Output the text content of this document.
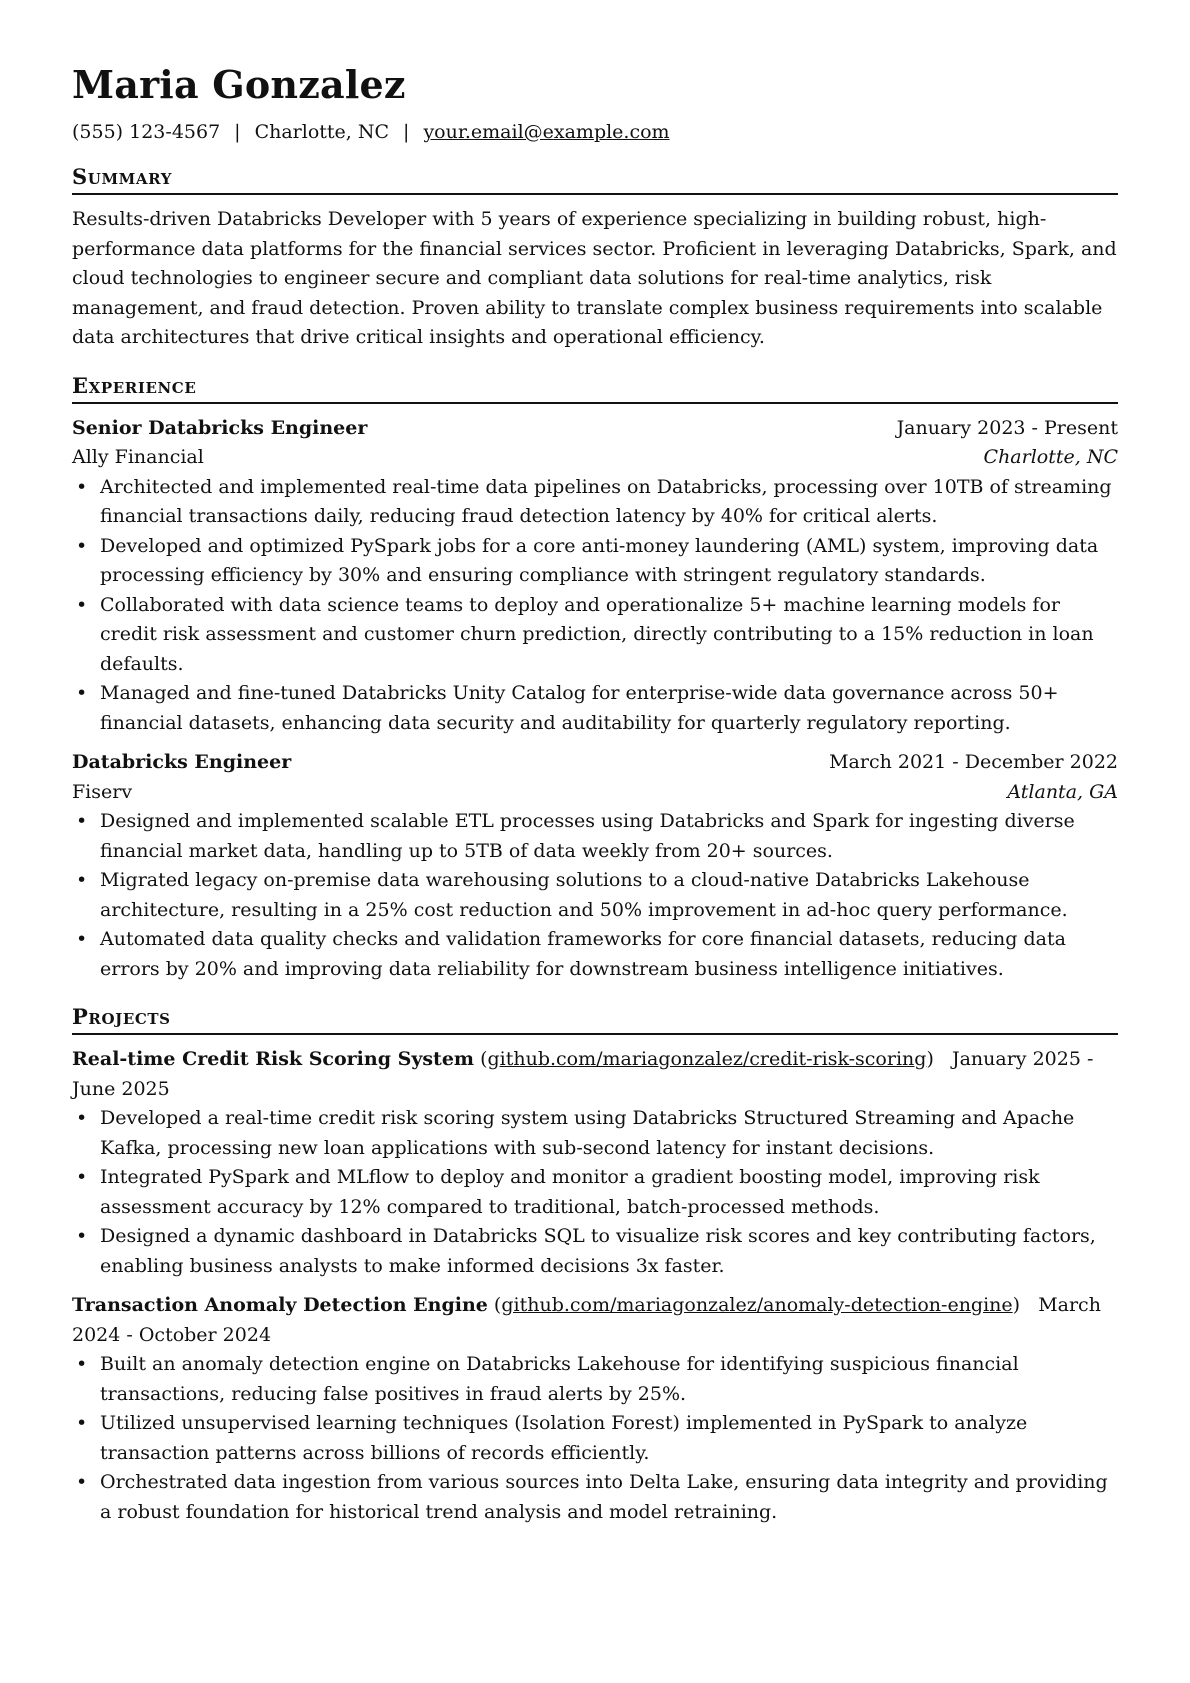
Maria Gonzalez
(555) 123-4567 | Charlotte, NC | your.email@example.com
Summary
Results-driven Databricks Developer with 5 years of experience specializing in building robust, high-performance data platforms for the financial services sector. Proficient in leveraging Databricks, Spark, and cloud technologies to engineer secure and compliant data solutions for real-time analytics, risk management, and fraud detection. Proven ability to translate complex business requirements into scalable data architectures that drive critical insights and operational efficiency.
Experience
Senior Databricks Engineer	January 2023 - Present
Ally Financial	Charlotte, NC
• Architected and implemented real-time data pipelines on Databricks, processing over 10TB of streaming financial transactions daily, reducing fraud detection latency by 40% for critical alerts.
• Developed and optimized PySpark jobs for a core anti-money laundering (AML) system, improving data processing efficiency by 30% and ensuring compliance with stringent regulatory standards.
• Collaborated with data science teams to deploy and operationalize 5+ machine learning models for credit risk assessment and customer churn prediction, directly contributing to a 15% reduction in loan defaults.
• Managed and fine-tuned Databricks Unity Catalog for enterprise-wide data governance across 50+ financial datasets, enhancing data security and auditability for quarterly regulatory reporting.
Databricks Engineer	March 2021 - December 2022
Fiserv	Atlanta, GA
• Designed and implemented scalable ETL processes using Databricks and Spark for ingesting diverse financial market data, handling up to 5TB of data weekly from 20+ sources.
• Migrated legacy on-premise data warehousing solutions to a cloud-native Databricks Lakehouse architecture, resulting in a 25% cost reduction and 50% improvement in ad-hoc query performance.
• Automated data quality checks and validation frameworks for core financial datasets, reducing data errors by 20% and improving data reliability for downstream business intelligence initiatives.
Projects
Real-time Credit Risk Scoring System (github.com/mariagonzalez/credit-risk-scoring)   January 2025 - June 2025
• Developed a real-time credit risk scoring system using Databricks Structured Streaming and Apache Kafka, processing new loan applications with sub-second latency for instant decisions.
• Integrated PySpark and MLflow to deploy and monitor a gradient boosting model, improving risk assessment accuracy by 12% compared to traditional, batch-processed methods.
• Designed a dynamic dashboard in Databricks SQL to visualize risk scores and key contributing factors, enabling business analysts to make informed decisions 3x faster.
Transaction Anomaly Detection Engine (github.com/mariagonzalez/anomaly-detection-engine)   March 2024 - October 2024
• Built an anomaly detection engine on Databricks Lakehouse for identifying suspicious financial transactions, reducing false positives in fraud alerts by 25%.
• Utilized unsupervised learning techniques (Isolation Forest) implemented in PySpark to analyze transaction patterns across billions of records efficiently.
• Orchestrated data ingestion from various sources into Delta Lake, ensuring data integrity and providing a robust foundation for historical trend analysis and model retraining.
